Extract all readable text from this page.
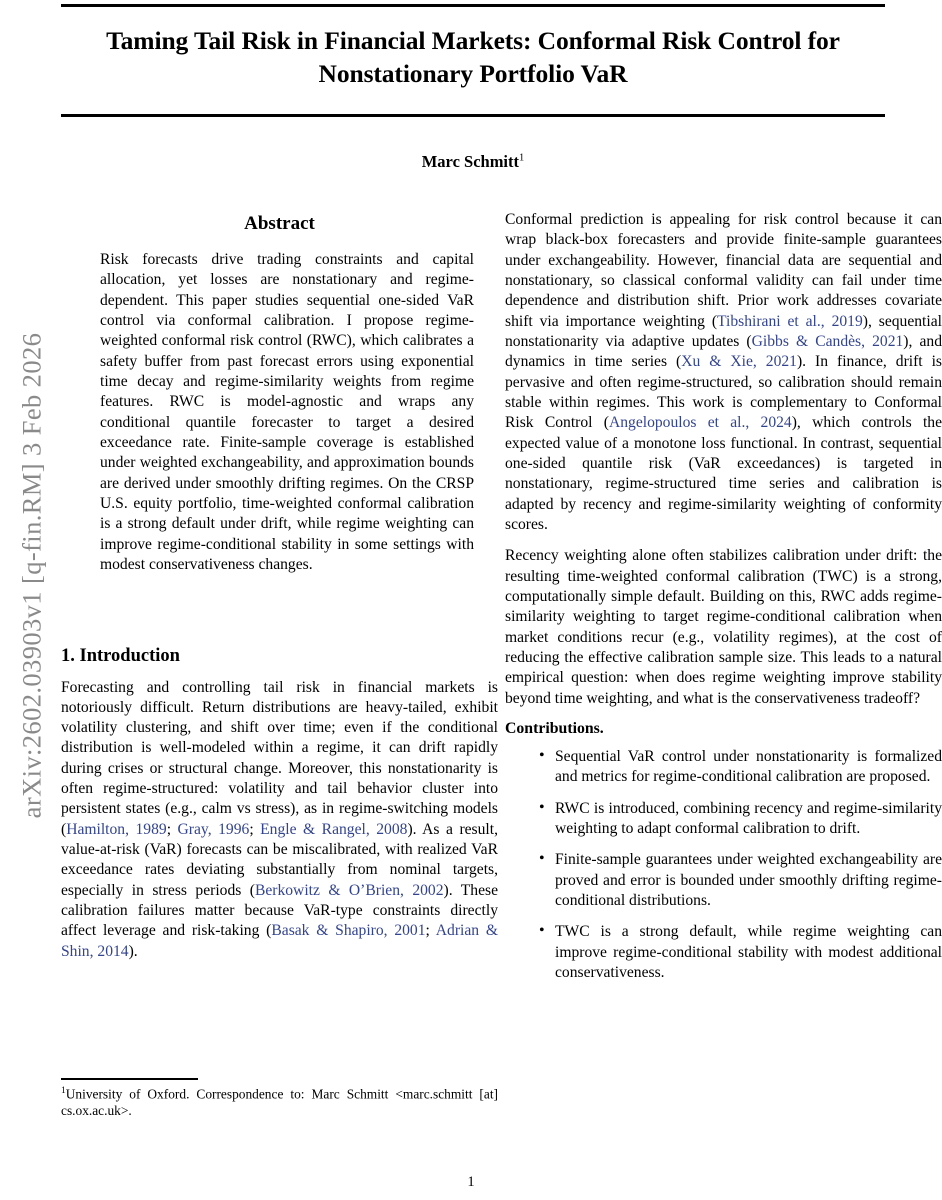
arXiv:2602.03903v1 [q-fin.RM] 3 Feb 2026
Taming Tail Risk in Financial Markets: Conformal Risk Control for Nonstationary Portfolio VaR
Marc Schmitt$^1$
Abstract

Risk forecasts drive trading constraints and capital allocation, yet losses are nonstationary and regime-dependent. This paper studies sequential one-sided VaR control via conformal calibration. I propose regime-weighted conformal risk control (RWC), which calibrates a safety buffer from past forecast errors using exponential time decay and regime-similarity weights from regime features. RWC is model-agnostic and wraps any conditional quantile forecaster to target a desired exceedance rate. Finite-sample coverage is established under weighted exchangeability, and approximation bounds are derived under smoothly drifting regimes. On the CRSP U.S. equity portfolio, time-weighted conformal calibration is a strong default under drift, while regime weighting can improve regime-conditional stability in some settings with modest conservativeness changes.

1. Introduction

Forecasting and controlling tail risk in financial markets is notoriously difficult. Return distributions are heavy-tailed, exhibit volatility clustering, and shift over time; even if the conditional distribution is well-modeled within a regime, it can drift rapidly during crises or structural change. Moreover, this nonstationarity is often regime-structured: volatility and tail behavior cluster into persistent states (e.g., calm vs stress), as in regime-switching models (Hamilton, 1989; Gray, 1996; Engle & Rangel, 2008). As a result, value-at-risk (VaR) forecasts can be miscalibrated, with realized VaR exceedance rates deviating substantially from nominal targets, especially in stress periods (Berkowitz & O’Brien, 2002). These calibration failures matter because VaR-type constraints directly affect leverage and risk-taking (Basak & Shapiro, 2001; Adrian & Shin, 2014).

Conformal prediction is appealing for risk control because it can wrap black-box forecasters and provide finite-sample guarantees under exchangeability. However, financial data are sequential and nonstationary, so classical conformal validity can fail under time dependence and distribution shift. Prior work addresses covariate shift via importance weighting (Tibshirani et al., 2019), sequential nonstationarity via adaptive updates (Gibbs & Candès, 2021), and dynamics in time series (Xu & Xie, 2021). In finance, drift is pervasive and often regime-structured, so calibration should remain stable within regimes. This work is complementary to Conformal Risk Control (Angelopoulos et al., 2024), which controls the expected value of a monotone loss functional. In contrast, sequential one-sided quantile risk (VaR exceedances) is targeted in nonstationary, regime-structured time series and calibration is adapted by recency and regime-similarity weighting of conformity scores.

Recency weighting alone often stabilizes calibration under drift: the resulting time-weighted conformal calibration (TWC) is a strong, computationally simple default. Building on this, RWC adds regime-similarity weighting to target regime-conditional calibration when market conditions recur (e.g., volatility regimes), at the cost of reducing the effective calibration sample size. This leads to a natural empirical question: when does regime weighting improve stability beyond time weighting, and what is the conservativeness tradeoff?

Contributions.
• Sequential VaR control under nonstationarity is formalized and metrics for regime-conditional calibration are proposed.
• RWC is introduced, combining recency and regime-similarity weighting to adapt conformal calibration to drift.
• Finite-sample guarantees under weighted exchangeability are proved and error is bounded under smoothly drifting regime-conditional distributions.
• TWC is a strong default, while regime weighting can improve regime-conditional stability with modest additional conservativeness.

$^1$University of Oxford. Correspondence to: Marc Schmitt <marc.schmitt [at] cs.ox.ac.uk>.

1
